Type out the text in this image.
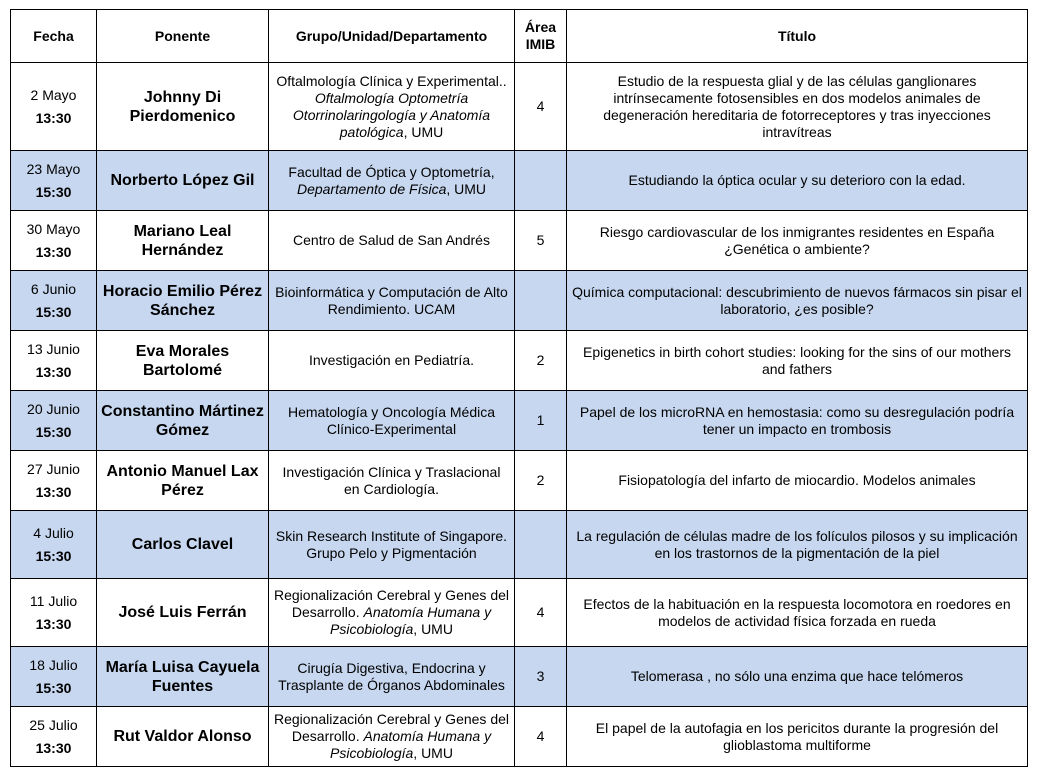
Fecha	Ponente	Grupo/Unidad/Departamento	Área IMIB	Título

2 Mayo
13:30	Johnny Di Pierdomenico	Oftalmología Clínica y Experimental.. Oftalmología Optometría Otorrinolaringología y Anatomía patológica, UMU	4	Estudio de la respuesta glial y de las células ganglionares intrínsecamente fotosensibles en dos modelos animales de degeneración hereditaria de fotorreceptores y tras inyecciones intravítreas

23 Mayo
15:30	Norberto López Gil	Facultad de Óptica y Optometría, Departamento de Física, UMU		Estudiando la óptica ocular y su deterioro con la edad.

30 Mayo
13:30	Mariano Leal Hernández	Centro de Salud de San Andrés	5	Riesgo cardiovascular de los inmigrantes residentes en España ¿Genética o ambiente?

6 Junio
15:30	Horacio Emilio Pérez Sánchez	Bioinformática y Computación de Alto Rendimiento. UCAM		Química computacional: descubrimiento de nuevos fármacos sin pisar el laboratorio, ¿es posible?

13 Junio
13:30	Eva Morales Bartolomé	Investigación en Pediatría.	2	Epigenetics in birth cohort studies: looking for the sins of our mothers and fathers

20 Junio
15:30	Constantino Mártinez Gómez	Hematología y Oncología Médica Clínico-Experimental	1	Papel de los microRNA en hemostasia: como su desregulación podría tener un impacto en trombosis

27 Junio
13:30	Antonio Manuel Lax Pérez	Investigación Clínica y Traslacional en Cardiología.	2	Fisiopatología del infarto de miocardio. Modelos animales

4 Julio
15:30	Carlos Clavel	Skin Research Institute of Singapore. Grupo Pelo y Pigmentación		La regulación de células madre de los folículos pilosos y su implicación en los trastornos de la pigmentación de la piel

11 Julio
13:30	José Luis Ferrán	Regionalización Cerebral y Genes del Desarrollo. Anatomía Humana y Psicobiología, UMU	4	Efectos de la habituación en la respuesta locomotora en roedores en modelos de actividad física forzada en rueda

18 Julio
15:30	María Luisa Cayuela Fuentes	Cirugía Digestiva, Endocrina y Trasplante de Órganos Abdominales	3	Telomerasa , no sólo una enzima que hace telómeros

25 Julio
13:30	Rut Valdor Alonso	Regionalización Cerebral y Genes del Desarrollo. Anatomía Humana y Psicobiología, UMU	4	El papel de la autofagia en los pericitos durante la progresión del glioblastoma multiforme
